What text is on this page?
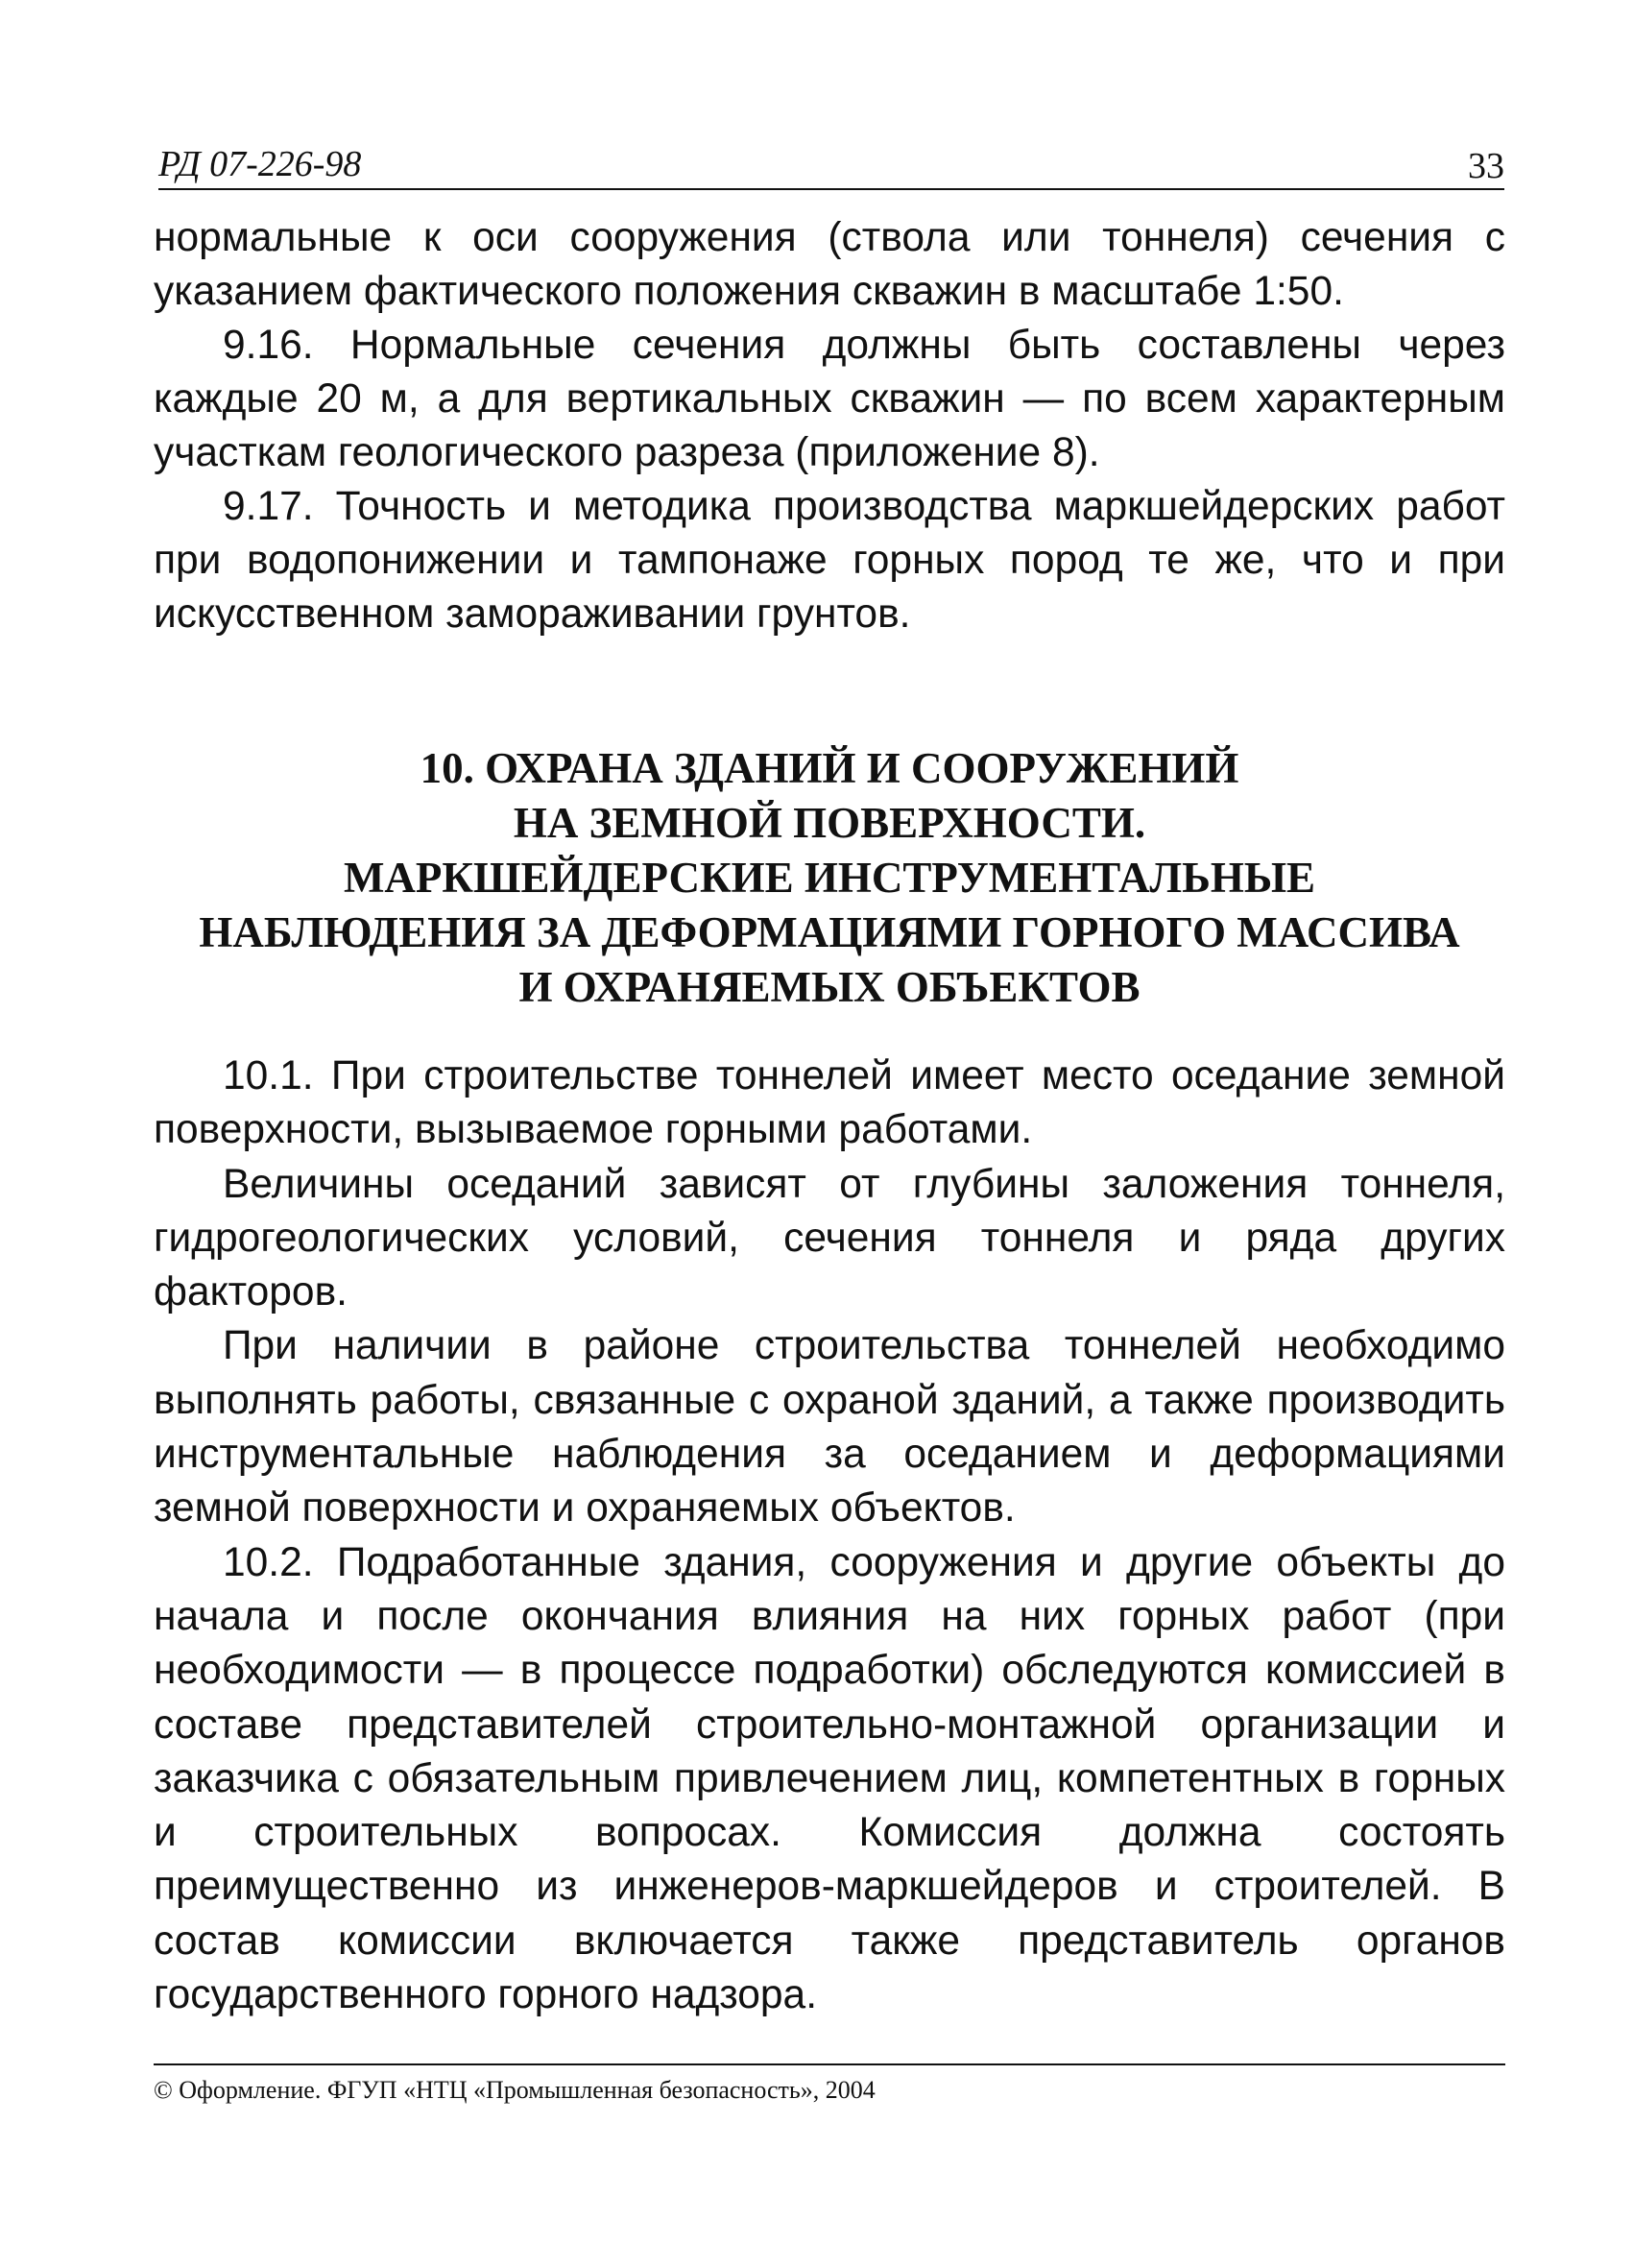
РД 07-226-98	33

нормальные к оси сооружения (ствола или тоннеля) сечения с указанием фактического положения скважин в масштабе 1:50.

9.16. Нормальные сечения должны быть составлены через каждые 20 м, а для вертикальных скважин — по всем характерным участкам геологического разреза (приложение 8).

9.17. Точность и методика производства маркшейдерских работ при водопонижении и тампонаже горных пород те же, что и при искусственном замораживании грунтов.

10. ОХРАНА ЗДАНИЙ И СООРУЖЕНИЙ
НА ЗЕМНОЙ ПОВЕРХНОСТИ.
МАРКШЕЙДЕРСКИЕ ИНСТРУМЕНТАЛЬНЫЕ
НАБЛЮДЕНИЯ ЗА ДЕФОРМАЦИЯМИ ГОРНОГО МАССИВА
И ОХРАНЯЕМЫХ ОБЪЕКТОВ

10.1. При строительстве тоннелей имеет место оседание земной поверхности, вызываемое горными работами.

Величины оседаний зависят от глубины заложения тоннеля, гидрогеологических условий, сечения тоннеля и ряда других факторов.

При наличии в районе строительства тоннелей необходимо выполнять работы, связанные с охраной зданий, а также производить инструментальные наблюдения за оседанием и деформациями земной поверхности и охраняемых объектов.

10.2. Подработанные здания, сооружения и другие объекты до начала и после окончания влияния на них горных работ (при необходимости — в процессе подработки) обследуются комиссией в составе представителей строительно-монтажной организации и заказчика с обязательным привлечением лиц, компетентных в горных и строительных вопросах. Комиссия должна состоять преимущественно из инженеров-маркшейдеров и строителей. В состав комиссии включается также представитель органов государственного горного надзора.

© Оформление. ФГУП «НТЦ «Промышленная безопасность», 2004
